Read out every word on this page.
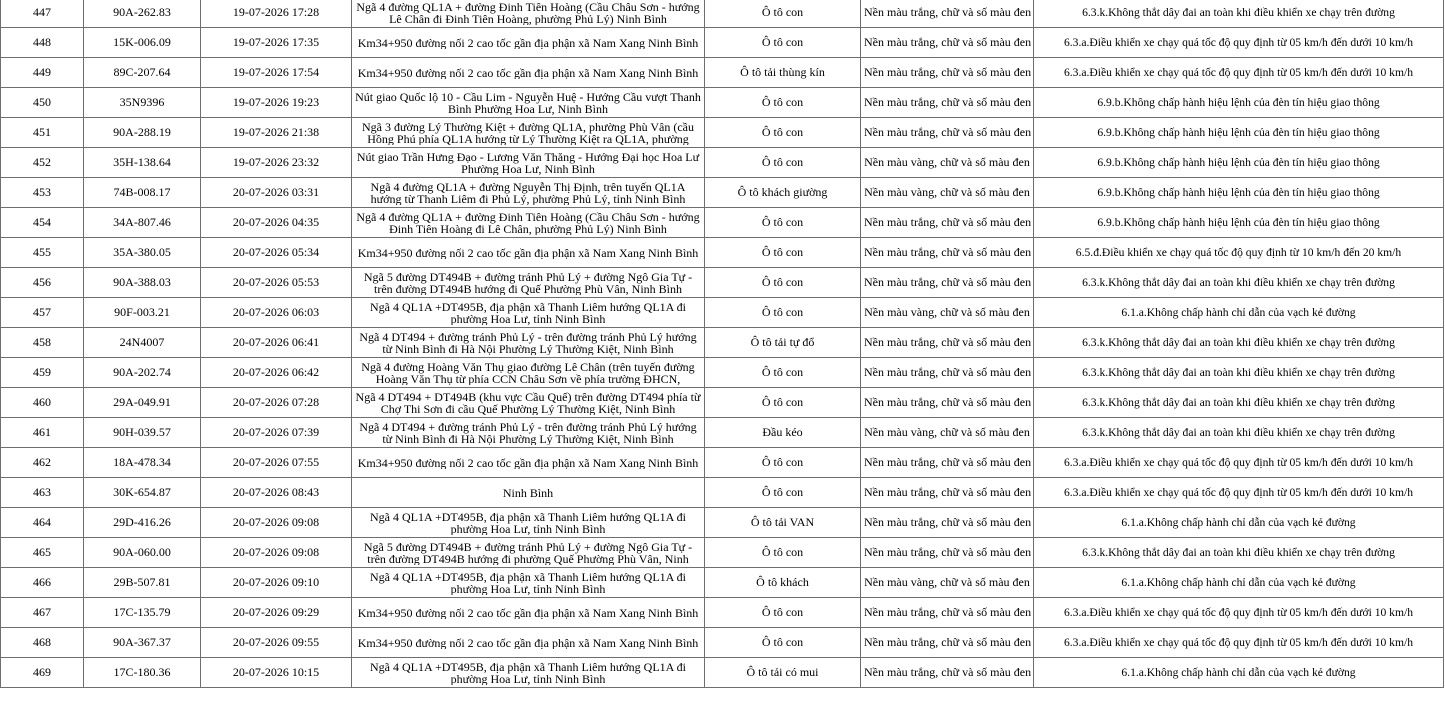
447	90A-262.83	19-07-2026 17:28	Ngã 4 đường QL1A + đường Đinh Tiên Hoàng (Cầu Châu Sơn - hướng Lê Chân đi Đinh Tiên Hoàng, phường Phủ Lý) Ninh Bình	Ô tô con	Nền màu trắng, chữ và số màu đen	6.3.k.Không thắt dây đai an toàn khi điều khiển xe chạy trên đường
448	15K-006.09	19-07-2026 17:35	Km34+950 đường nối 2 cao tốc gần địa phận xã Nam Xang Ninh Bình	Ô tô con	Nền màu trắng, chữ và số màu đen	6.3.a.Điều khiển xe chạy quá tốc độ quy định từ 05 km/h đến dưới 10 km/h
449	89C-207.64	19-07-2026 17:54	Km34+950 đường nối 2 cao tốc gần địa phận xã Nam Xang Ninh Bình	Ô tô tải thùng kín	Nền màu trắng, chữ và số màu đen	6.3.a.Điều khiển xe chạy quá tốc độ quy định từ 05 km/h đến dưới 10 km/h
450	35N9396	19-07-2026 19:23	Nút giao Quốc lộ 10 - Cầu Lim - Nguyễn Huệ - Hướng Cầu vượt Thanh Bình Phường Hoa Lư, Ninh Bình	Ô tô con	Nền màu trắng, chữ và số màu đen	6.9.b.Không chấp hành hiệu lệnh của đèn tín hiệu giao thông
451	90A-288.19	19-07-2026 21:38	Ngã 3 đường Lý Thường Kiệt + đường QL1A, phường Phù Vân (cầu Hồng Phú phía QL1A hướng từ Lý Thường Kiệt ra QL1A, phường	Ô tô con	Nền màu trắng, chữ và số màu đen	6.9.b.Không chấp hành hiệu lệnh của đèn tín hiệu giao thông
452	35H-138.64	19-07-2026 23:32	Nút giao Trần Hưng Đạo - Lương Văn Thăng - Hướng Đại học Hoa Lư Phường Hoa Lư, Ninh Bình	Ô tô con	Nền màu vàng, chữ và số màu đen	6.9.b.Không chấp hành hiệu lệnh của đèn tín hiệu giao thông
453	74B-008.17	20-07-2026 03:31	Ngã 4 đường QL1A + đường Nguyễn Thị Định, trên tuyến QL1A hướng từ Thanh Liêm đi Phủ Lý, phường Phủ Lý, tỉnh Ninh Bình	Ô tô khách giường	Nền màu vàng, chữ và số màu đen	6.9.b.Không chấp hành hiệu lệnh của đèn tín hiệu giao thông
454	34A-807.46	20-07-2026 04:35	Ngã 4 đường QL1A + đường Đinh Tiên Hoàng (Cầu Châu Sơn - hướng Đinh Tiên Hoàng đi Lê Chân, phường Phủ Lý) Ninh Bình	Ô tô con	Nền màu trắng, chữ và số màu đen	6.9.b.Không chấp hành hiệu lệnh của đèn tín hiệu giao thông
455	35A-380.05	20-07-2026 05:34	Km34+950 đường nối 2 cao tốc gần địa phận xã Nam Xang Ninh Bình	Ô tô con	Nền màu trắng, chữ và số màu đen	6.5.đ.Điều khiển xe chạy quá tốc độ quy định từ 10 km/h đến 20 km/h
456	90A-388.03	20-07-2026 05:53	Ngã 5 đường DT494B + đường tránh Phủ Lý + đường Ngô Gia Tự - trên đường DT494B hướng đi Quế Phường Phù Vân, Ninh Bình	Ô tô con	Nền màu trắng, chữ và số màu đen	6.3.k.Không thắt dây đai an toàn khi điều khiển xe chạy trên đường
457	90F-003.21	20-07-2026 06:03	Ngã 4 QL1A +DT495B, địa phận xã Thanh Liêm hướng QL1A đi phường Hoa Lư, tỉnh Ninh Bình	Ô tô con	Nền màu vàng, chữ và số màu đen	6.1.a.Không chấp hành chỉ dẫn của vạch kẻ đường
458	24N4007	20-07-2026 06:41	Ngã 4 DT494 + đường tránh Phủ Lý - trên đường tránh Phủ Lý hướng từ Ninh Bình đi Hà Nội Phường Lý Thường Kiệt, Ninh Bình	Ô tô tải tự đổ	Nền màu trắng, chữ và số màu đen	6.3.k.Không thắt dây đai an toàn khi điều khiển xe chạy trên đường
459	90A-202.74	20-07-2026 06:42	Ngã 4 đường Hoàng Văn Thụ giao đường Lê Chân (trên tuyến đường Hoàng Văn Thụ từ phía CCN Châu Sơn về phía trường ĐHCN,	Ô tô con	Nền màu trắng, chữ và số màu đen	6.3.k.Không thắt dây đai an toàn khi điều khiển xe chạy trên đường
460	29A-049.91	20-07-2026 07:28	Ngã 4 DT494 + DT494B (khu vực Cầu Quế) trên đường DT494 phía từ Chợ Thi Sơn đi cầu Quế Phường Lý Thường Kiệt, Ninh Bình	Ô tô con	Nền màu trắng, chữ và số màu đen	6.3.k.Không thắt dây đai an toàn khi điều khiển xe chạy trên đường
461	90H-039.57	20-07-2026 07:39	Ngã 4 DT494 + đường tránh Phủ Lý - trên đường tránh Phủ Lý hướng từ Ninh Bình đi Hà Nội Phường Lý Thường Kiệt, Ninh Bình	Đầu kéo	Nền màu vàng, chữ và số màu đen	6.3.k.Không thắt dây đai an toàn khi điều khiển xe chạy trên đường
462	18A-478.34	20-07-2026 07:55	Km34+950 đường nối 2 cao tốc gần địa phận xã Nam Xang Ninh Bình	Ô tô con	Nền màu trắng, chữ và số màu đen	6.3.a.Điều khiển xe chạy quá tốc độ quy định từ 05 km/h đến dưới 10 km/h
463	30K-654.87	20-07-2026 08:43	Ninh Bình	Ô tô con	Nền màu trắng, chữ và số màu đen	6.3.a.Điều khiển xe chạy quá tốc độ quy định từ 05 km/h đến dưới 10 km/h
464	29D-416.26	20-07-2026 09:08	Ngã 4 QL1A +DT495B, địa phận xã Thanh Liêm hướng QL1A đi phường Hoa Lư, tỉnh Ninh Bình	Ô tô tải VAN	Nền màu trắng, chữ và số màu đen	6.1.a.Không chấp hành chỉ dẫn của vạch kẻ đường
465	90A-060.00	20-07-2026 09:08	Ngã 5 đường DT494B + đường tránh Phủ Lý + đường Ngô Gia Tự - trên đường DT494B hướng đi phường Quế Phường Phù Vân, Ninh	Ô tô con	Nền màu trắng, chữ và số màu đen	6.3.k.Không thắt dây đai an toàn khi điều khiển xe chạy trên đường
466	29B-507.81	20-07-2026 09:10	Ngã 4 QL1A +DT495B, địa phận xã Thanh Liêm hướng QL1A đi phường Hoa Lư, tỉnh Ninh Bình	Ô tô khách	Nền màu vàng, chữ và số màu đen	6.1.a.Không chấp hành chỉ dẫn của vạch kẻ đường
467	17C-135.79	20-07-2026 09:29	Km34+950 đường nối 2 cao tốc gần địa phận xã Nam Xang Ninh Bình	Ô tô con	Nền màu trắng, chữ và số màu đen	6.3.a.Điều khiển xe chạy quá tốc độ quy định từ 05 km/h đến dưới 10 km/h
468	90A-367.37	20-07-2026 09:55	Km34+950 đường nối 2 cao tốc gần địa phận xã Nam Xang Ninh Bình	Ô tô con	Nền màu trắng, chữ và số màu đen	6.3.a.Điều khiển xe chạy quá tốc độ quy định từ 05 km/h đến dưới 10 km/h
469	17C-180.36	20-07-2026 10:15	Ngã 4 QL1A +DT495B, địa phận xã Thanh Liêm hướng QL1A đi phường Hoa Lư, tỉnh Ninh Bình	Ô tô tải có mui	Nền màu trắng, chữ và số màu đen	6.1.a.Không chấp hành chỉ dẫn của vạch kẻ đường
